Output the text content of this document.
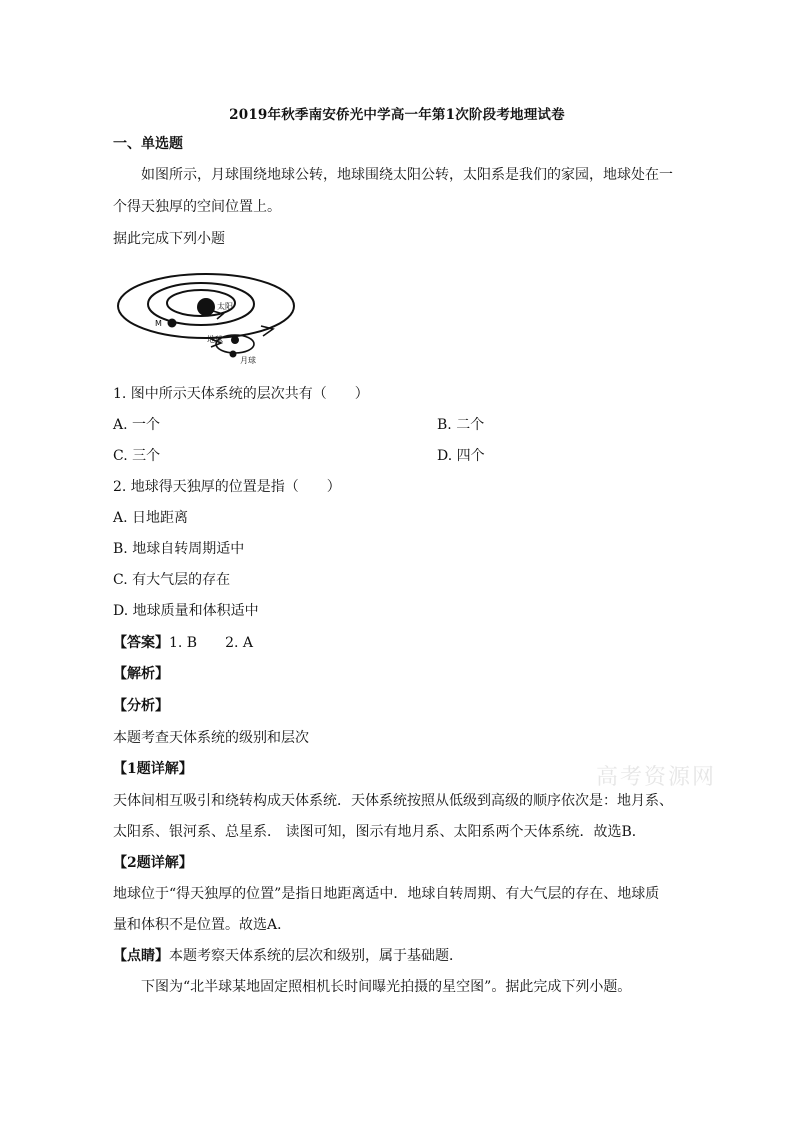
2019年秋季南安侨光中学高一年第1次阶段考地理试卷
一、单选题
如图所示，月球围绕地球公转，地球围绕太阳公转，太阳系是我们的家园，地球处在一
个得天独厚的空间位置上。
据此完成下列小题
太阳
M
地球
月球
1. 图中所示天体系统的层次共有（　　）
A. 一个	B. 二个
C. 三个	D. 四个
2. 地球得天独厚的位置是指（　　）
A. 日地距离
B. 地球自转周期适中
C. 有大气层的存在
D. 地球质量和体积适中
【答案】1. B　　2. A
【解析】
【分析】
本题考查天体系统的级别和层次
【1题详解】
天体间相互吸引和绕转构成天体系统．天体系统按照从低级到高级的顺序依次是：地月系、
太阳系、银河系、总星系． 读图可知，图示有地月系、太阳系两个天体系统．故选B．
【2题详解】
地球位于“得天独厚的位置”是指日地距离适中．地球自转周期、有大气层的存在、地球质
量和体积不是位置。故选A．
【点睛】本题考察天体系统的层次和级别，属于基础题．
下图为“北半球某地固定照相机长时间曝光拍摄的星空图”。据此完成下列小题。
高考资源网
